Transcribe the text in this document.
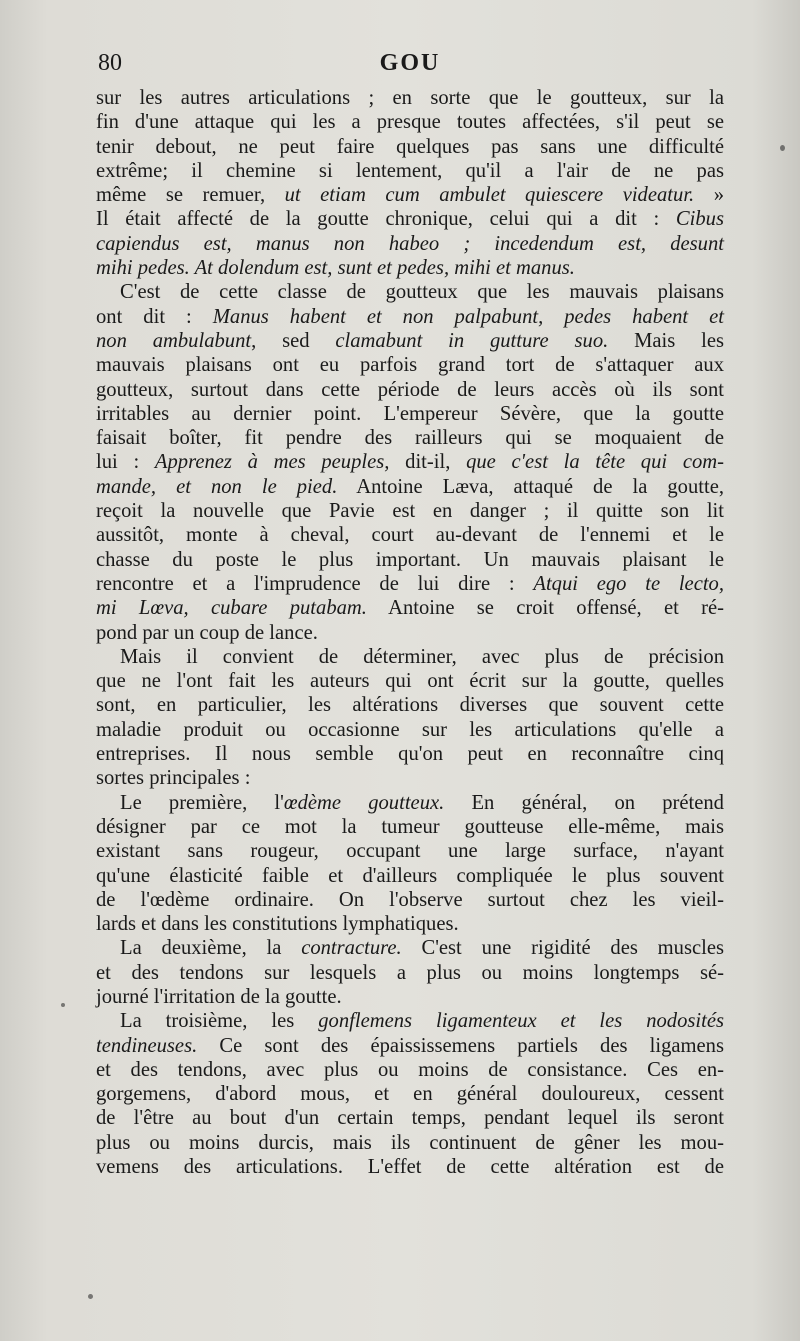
80	GOU
sur les autres articulations ; en sorte que le goutteux, sur la
fin d'une attaque qui les a presque toutes affectées, s'il peut se
tenir debout, ne peut faire quelques pas sans une difficulté
extrême; il chemine si lentement, qu'il a l'air de ne pas
même se remuer, ut etiam cum ambulet quiescere videatur. »
Il était affecté de la goutte chronique, celui qui a dit : Cibus
capiendus est, manus non habeo ; incedendum est, desunt
mihi pedes. At dolendum est, sunt et pedes, mihi et manus.
C'est de cette classe de goutteux que les mauvais plaisans
ont dit : Manus habent et non palpabunt, pedes habent et
non ambulabunt, sed clamabunt in gutture suo. Mais les
mauvais plaisans ont eu parfois grand tort de s'attaquer aux
goutteux, surtout dans cette période de leurs accès où ils sont
irritables au dernier point. L'empereur Sévère, que la goutte
faisait boîter, fit pendre des railleurs qui se moquaient de
lui : Apprenez à mes peuples, dit-il, que c'est la tête qui com-
mande, et non le pied. Antoine Læva, attaqué de la goutte,
reçoit la nouvelle que Pavie est en danger ; il quitte son lit
aussitôt, monte à cheval, court au-devant de l'ennemi et le
chasse du poste le plus important. Un mauvais plaisant le
rencontre et a l'imprudence de lui dire : Atqui ego te lecto,
mi Lœva, cubare putabam. Antoine se croit offensé, et ré-
pond par un coup de lance.
Mais il convient de déterminer, avec plus de précision
que ne l'ont fait les auteurs qui ont écrit sur la goutte, quelles
sont, en particulier, les altérations diverses que souvent cette
maladie produit ou occasionne sur les articulations qu'elle a
entreprises. Il nous semble qu'on peut en reconnaître cinq
sortes principales :
Le première, l'œdème goutteux. En général, on prétend
désigner par ce mot la tumeur goutteuse elle-même, mais
existant sans rougeur, occupant une large surface, n'ayant
qu'une élasticité faible et d'ailleurs compliquée le plus souvent
de l'œdème ordinaire. On l'observe surtout chez les vieil-
lards et dans les constitutions lymphatiques.
La deuxième, la contracture. C'est une rigidité des muscles
et des tendons sur lesquels a plus ou moins longtemps sé-
journé l'irritation de la goutte.
La troisième, les gonflemens ligamenteux et les nodosités
tendineuses. Ce sont des épaississemens partiels des ligamens
et des tendons, avec plus ou moins de consistance. Ces en-
gorgemens, d'abord mous, et en général douloureux, cessent
de l'être au bout d'un certain temps, pendant lequel ils seront
plus ou moins durcis, mais ils continuent de gêner les mou-
vemens des articulations. L'effet de cette altération est de
